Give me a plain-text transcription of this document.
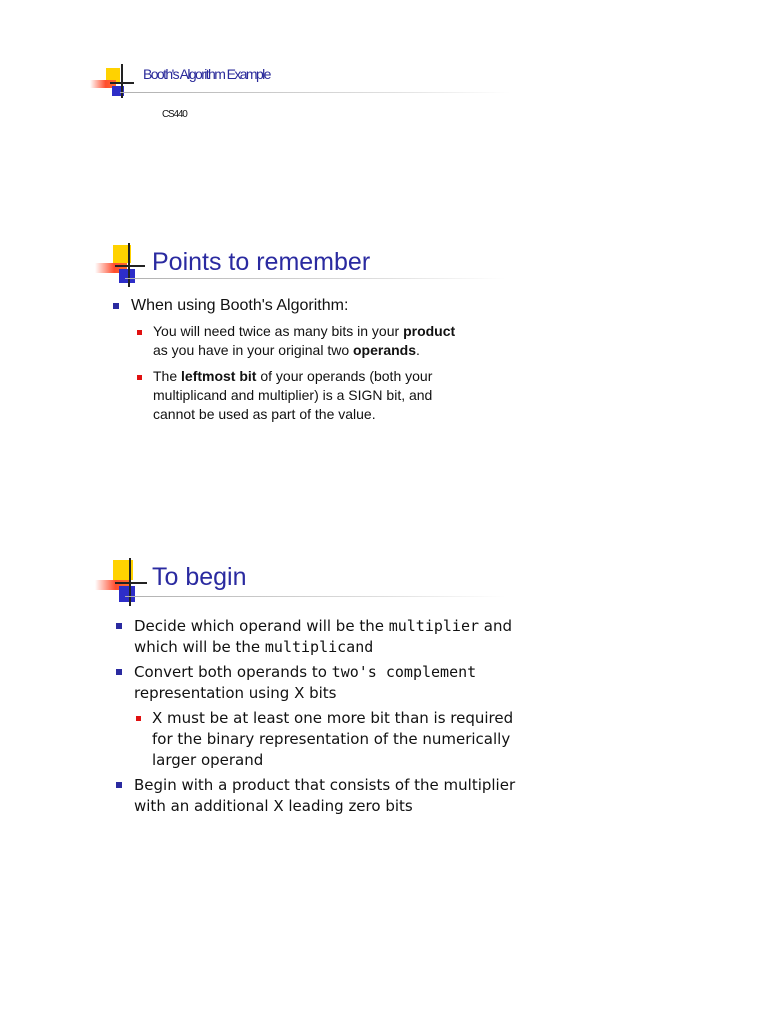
Booth's Algorithm Example
CS440
Points to remember
When using Booth's Algorithm:
You will need twice as many bits in your product as you have in your original two operands.
The leftmost bit of your operands (both your multiplicand and multiplier) is a SIGN bit, and cannot be used as part of the value.
To begin
Decide which operand will be the multiplier and which will be the multiplicand
Convert both operands to two's complement representation using X bits
X must be at least one more bit than is required for the binary representation of the numerically larger operand
Begin with a product that consists of the multiplier with an additional X leading zero bits
